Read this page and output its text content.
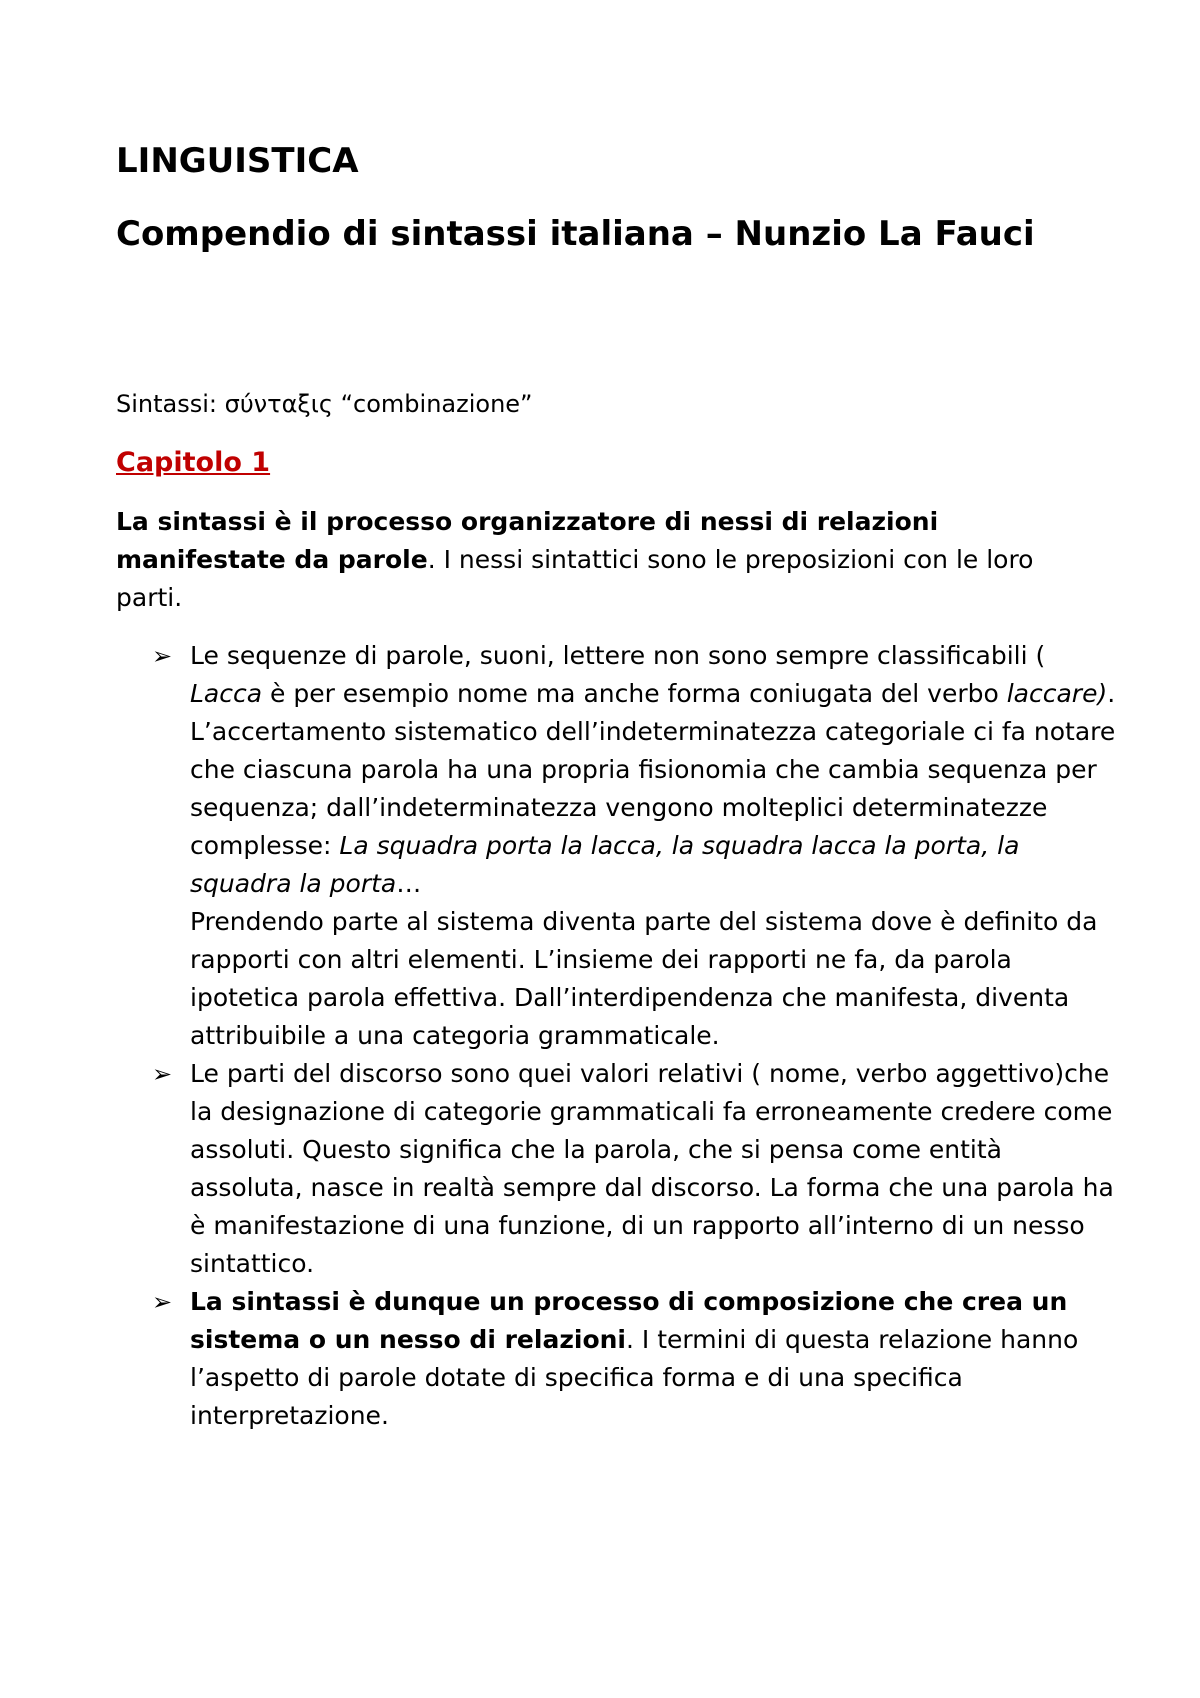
LINGUISTICA
Compendio di sintassi italiana – Nunzio La Fauci

Sintassi: σύνταξις “combinazione”

Capitolo 1

La sintassi è il processo organizzatore di nessi di relazioni manifestate da parole. I nessi sintattici sono le preposizioni con le loro parti.

➢ Le sequenze di parole, suoni, lettere non sono sempre classificabili ( Lacca è per esempio nome ma anche forma coniugata del verbo laccare). L’accertamento sistematico dell’indeterminatezza categoriale ci fa notare che ciascuna parola ha una propria fisionomia che cambia sequenza per sequenza; dall’indeterminatezza vengono molteplici determinatezze complesse: La squadra porta la lacca, la squadra lacca la porta, la squadra la porta…
Prendendo parte al sistema diventa parte del sistema dove è definito da rapporti con altri elementi. L’insieme dei rapporti ne fa, da parola ipotetica parola effettiva. Dall’interdipendenza che manifesta, diventa attribuibile a una categoria grammaticale.
➢ Le parti del discorso sono quei valori relativi ( nome, verbo aggettivo)che la designazione di categorie grammaticali fa erroneamente credere come assoluti. Questo significa che la parola, che si pensa come entità assoluta, nasce in realtà sempre dal discorso. La forma che una parola ha è manifestazione di una funzione, di un rapporto all’interno di un nesso sintattico.
➢ La sintassi è dunque un processo di composizione che crea un sistema o un nesso di relazioni. I termini di questa relazione hanno l’aspetto di parole dotate di specifica forma e di una specifica interpretazione.
